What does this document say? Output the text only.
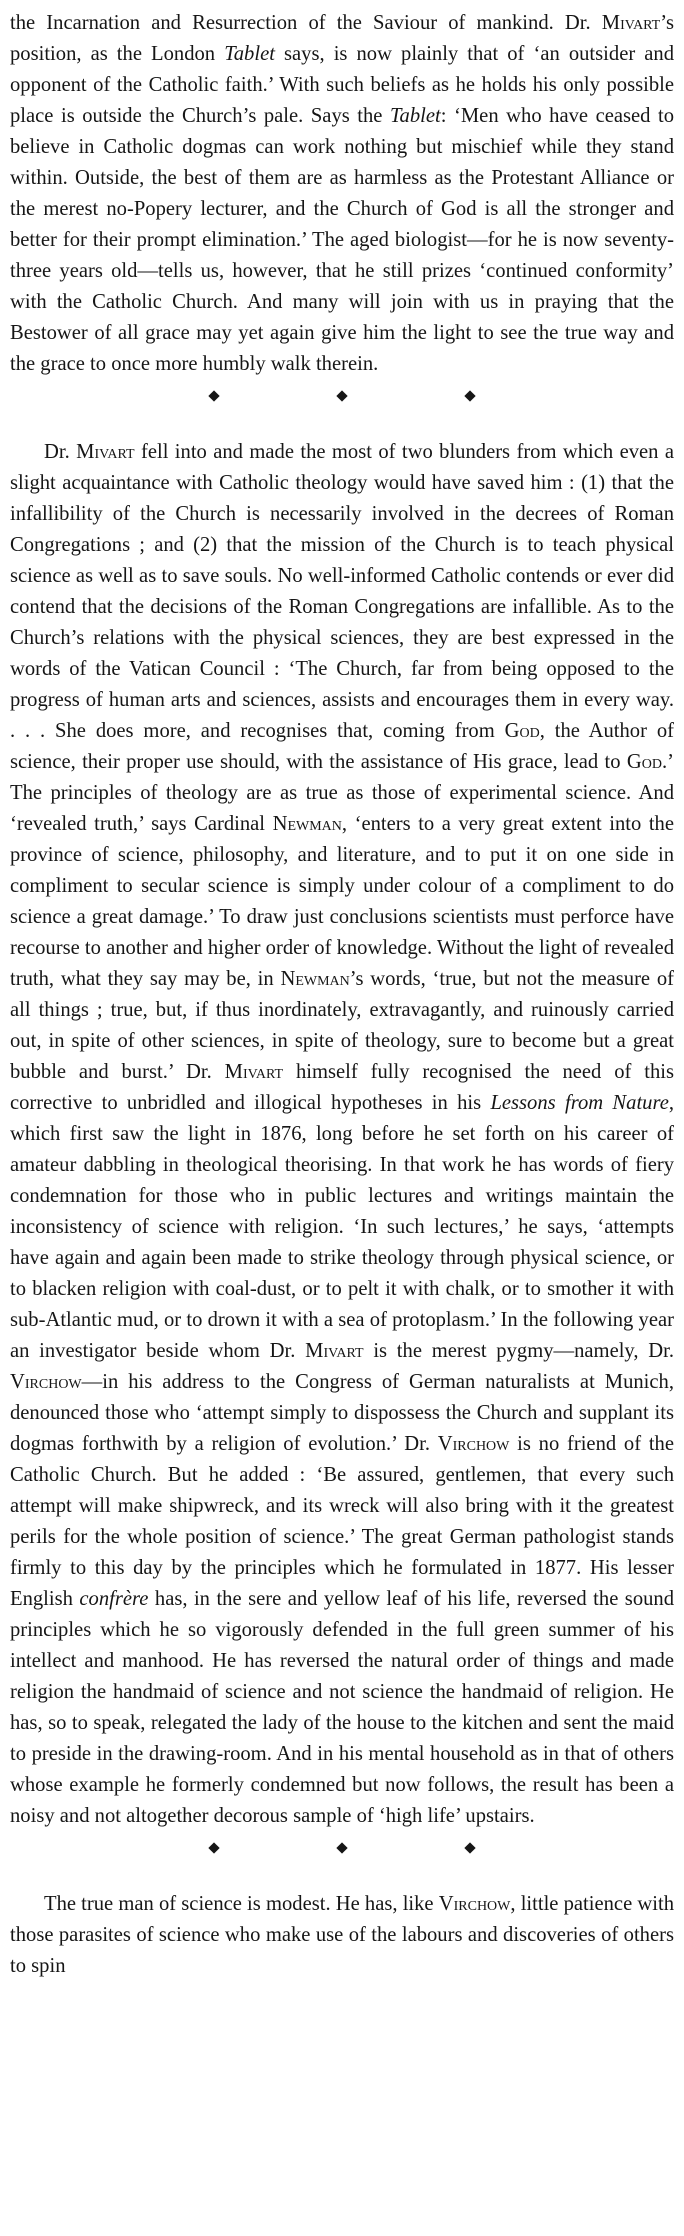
the Incarnation and Resurrection of the Saviour of mankind. Dr. Mivart’s position, as the London Tablet says, is now plainly that of ‘an outsider and opponent of the Catholic faith.’ With such beliefs as he holds his only possible place is outside the Church’s pale. Says the Tablet: ‘Men who have ceased to believe in Catholic dogmas can work nothing but mischief while they stand within. Outside, the best of them are as harmless as the Protestant Alliance or the merest no-Popery lecturer, and the Church of God is all the stronger and better for their prompt elimination.’ The aged biologist—for he is now seventy-three years old—tells us, however, that he still prizes ‘continued conformity’ with the Catholic Church. And many will join with us in praying that the Bestower of all grace may yet again give him the light to see the true way and the grace to once more humbly walk therein.

Dr. Mivart fell into and made the most of two blunders from which even a slight acquaintance with Catholic theology would have saved him : (1) that the infallibility of the Church is necessarily involved in the decrees of Roman Congregations ; and (2) that the mission of the Church is to teach physical science as well as to save souls. No well-informed Catholic contends or ever did contend that the decisions of the Roman Congregations are infallible. As to the Church’s relations with the physical sciences, they are best expressed in the words of the Vatican Council : ‘The Church, far from being opposed to the progress of human arts and sciences, assists and encourages them in every way. . . . She does more, and recognises that, coming from God, the Author of science, their proper use should, with the assistance of His grace, lead to God.’ The principles of theology are as true as those of experimental science. And ‘revealed truth,’ says Cardinal Newman, ‘enters to a very great extent into the province of science, philosophy, and literature, and to put it on one side in compliment to secular science is simply under colour of a compliment to do science a great damage.’ To draw just conclusions scientists must perforce have recourse to another and higher order of knowledge. Without the light of revealed truth, what they say may be, in Newman’s words, ‘true, but not the measure of all things ; true, but, if thus inordinately, extravagantly, and ruinously carried out, in spite of other sciences, in spite of theology, sure to become but a great bubble and burst.’ Dr. Mivart himself fully recognised the need of this corrective to unbridled and illogical hypotheses in his Lessons from Nature, which first saw the light in 1876, long before he set forth on his career of amateur dabbling in theological theorising. In that work he has words of fiery condemnation for those who in public lectures and writings maintain the inconsistency of science with religion. ‘In such lectures,’ he says, ‘attempts have again and again been made to strike theology through physical science, or to blacken religion with coal-dust, or to pelt it with chalk, or to smother it with sub-Atlantic mud, or to drown it with a sea of protoplasm.’ In the following year an investigator beside whom Dr. Mivart is the merest pygmy—namely, Dr. Virchow—in his address to the Congress of German naturalists at Munich, denounced those who ‘attempt simply to dispossess the Church and supplant its dogmas forthwith by a religion of evolution.’ Dr. Virchow is no friend of the Catholic Church. But he added : ‘Be assured, gentlemen, that every such attempt will make shipwreck, and its wreck will also bring with it the greatest perils for the whole position of science.’ The great German pathologist stands firmly to this day by the principles which he formulated in 1877. His lesser English confrère has, in the sere and yellow leaf of his life, reversed the sound principles which he so vigorously defended in the full green summer of his intellect and manhood. He has reversed the natural order of things and made religion the handmaid of science and not science the handmaid of religion. He has, so to speak, relegated the lady of the house to the kitchen and sent the maid to preside in the drawing-room. And in his mental household as in that of others whose example he formerly condemned but now follows, the result has been a noisy and not altogether decorous sample of ‘high life’ upstairs.

The true man of science is modest. He has, like Virchow, little patience with those parasites of science who make use of the labours and discoveries of others to spin
